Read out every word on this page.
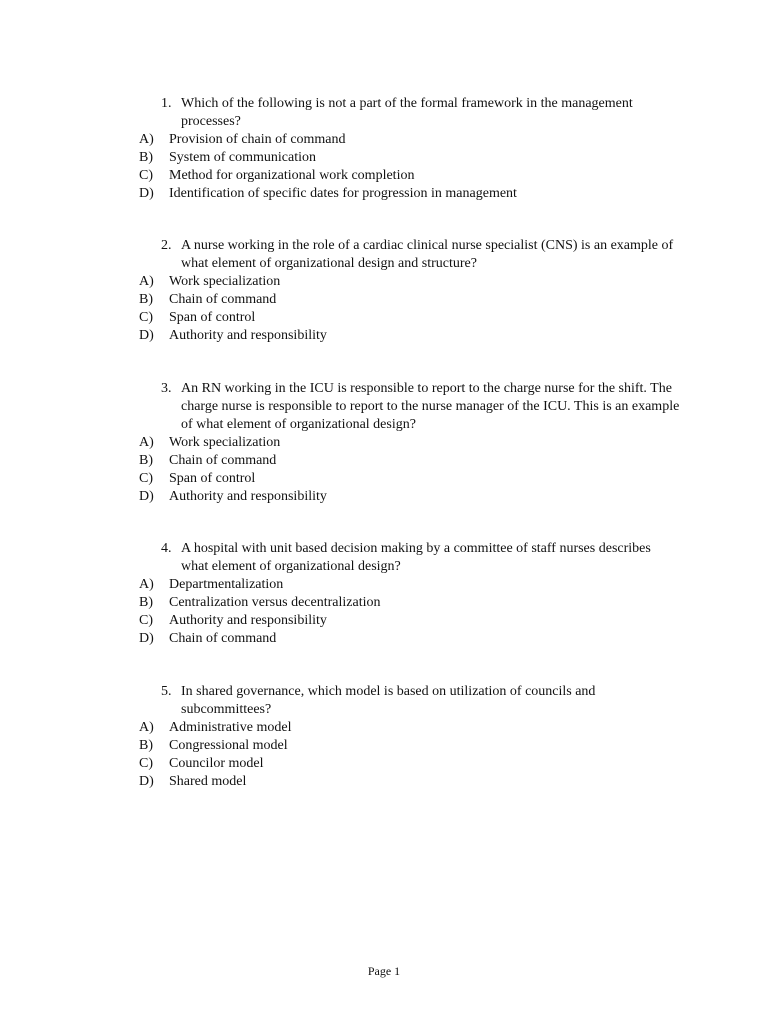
1. Which of the following is not a part of the formal framework in the management processes?
A)	Provision of chain of command
B)	System of communication
C)	Method for organizational work completion
D)	Identification of specific dates for progression in management
2. A nurse working in the role of a cardiac clinical nurse specialist (CNS) is an example of what element of organizational design and structure?
A)	Work specialization
B)	Chain of command
C)	Span of control
D)	Authority and responsibility
3. An RN working in the ICU is responsible to report to the charge nurse for the shift. The charge nurse is responsible to report to the nurse manager of the ICU. This is an example of what element of organizational design?
A)	Work specialization
B)	Chain of command
C)	Span of control
D)	Authority and responsibility
4. A hospital with unit based decision making by a committee of staff nurses describes what element of organizational design?
A)	Departmentalization
B)	Centralization versus decentralization
C)	Authority and responsibility
D)	Chain of command
5. In shared governance, which model is based on utilization of councils and subcommittees?
A)	Administrative model
B)	Congressional model
C)	Councilor model
D)	Shared model
Page 1
